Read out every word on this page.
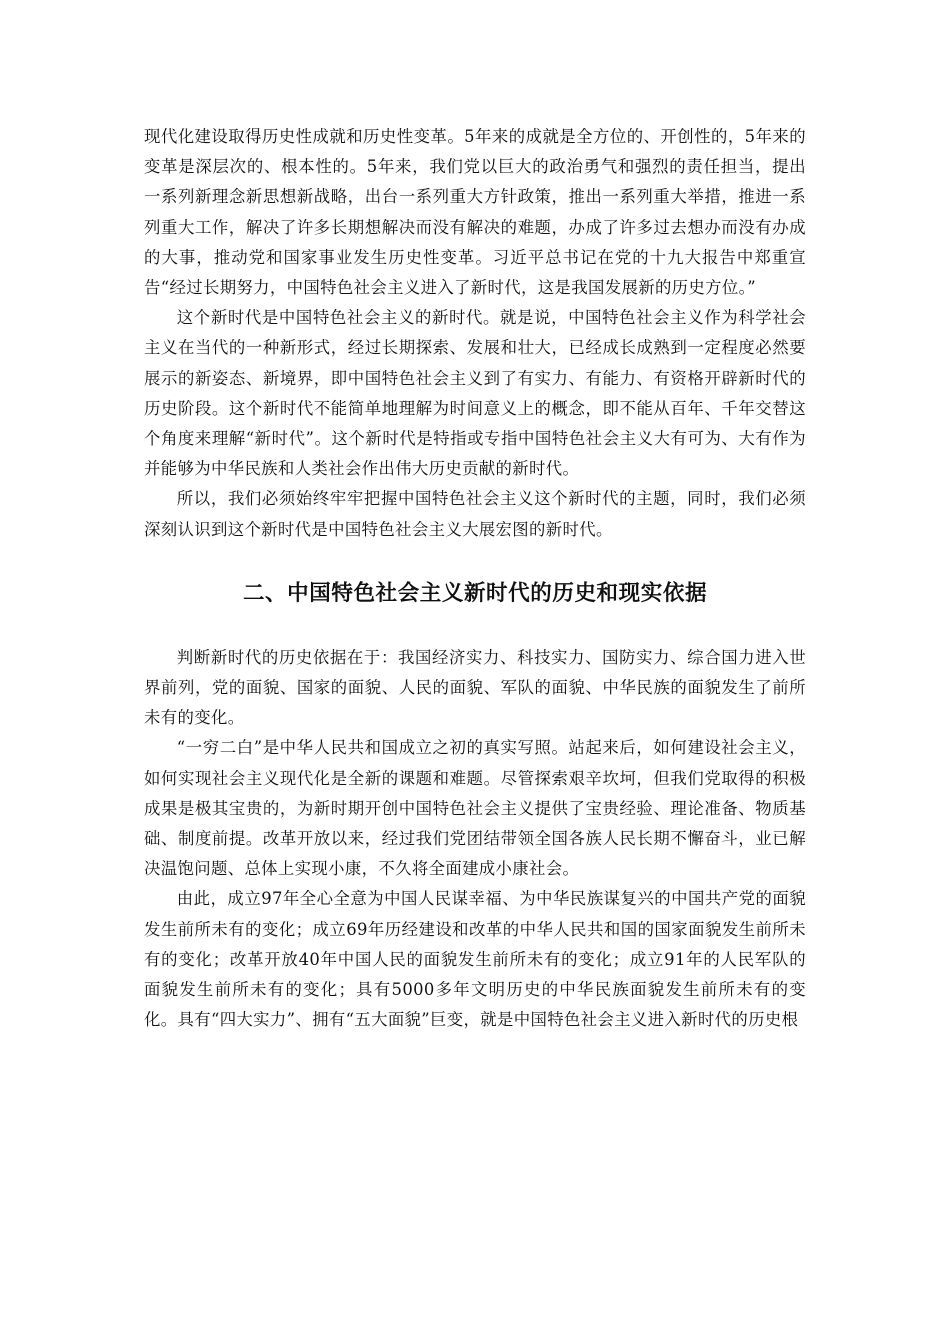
现代化建设取得历史性成就和历史性变革。5年来的成就是全方位的、开创性的，5年来的变革是深层次的、根本性的。5年来，我们党以巨大的政治勇气和强烈的责任担当，提出一系列新理念新思想新战略，出台一系列重大方针政策，推出一系列重大举措，推进一系列重大工作，解决了许多长期想解决而没有解决的难题，办成了许多过去想办而没有办成的大事，推动党和国家事业发生历史性变革。习近平总书记在党的十九大报告中郑重宣告“经过长期努力，中国特色社会主义进入了新时代，这是我国发展新的历史方位。”

这个新时代是中国特色社会主义的新时代。就是说，中国特色社会主义作为科学社会主义在当代的一种新形式，经过长期探索、发展和壮大，已经成长成熟到一定程度必然要展示的新姿态、新境界，即中国特色社会主义到了有实力、有能力、有资格开辟新时代的历史阶段。这个新时代不能简单地理解为时间意义上的概念，即不能从百年、千年交替这个角度来理解“新时代”。这个新时代是特指或专指中国特色社会主义大有可为、大有作为并能够为中华民族和人类社会作出伟大历史贡献的新时代。

所以，我们必须始终牢牢把握中国特色社会主义这个新时代的主题，同时，我们必须深刻认识到这个新时代是中国特色社会主义大展宏图的新时代。

二、中国特色社会主义新时代的历史和现实依据

判断新时代的历史依据在于：我国经济实力、科技实力、国防实力、综合国力进入世界前列，党的面貌、国家的面貌、人民的面貌、军队的面貌、中华民族的面貌发生了前所未有的变化。

“一穷二白”是中华人民共和国成立之初的真实写照。站起来后，如何建设社会主义，如何实现社会主义现代化是全新的课题和难题。尽管探索艰辛坎坷，但我们党取得的积极成果是极其宝贵的，为新时期开创中国特色社会主义提供了宝贵经验、理论准备、物质基础、制度前提。改革开放以来，经过我们党团结带领全国各族人民长期不懈奋斗，业已解决温饱问题、总体上实现小康，不久将全面建成小康社会。

由此，成立97年全心全意为中国人民谋幸福、为中华民族谋复兴的中国共产党的面貌发生前所未有的变化；成立69年历经建设和改革的中华人民共和国的国家面貌发生前所未有的变化；改革开放40年中国人民的面貌发生前所未有的变化；成立91年的人民军队的面貌发生前所未有的变化；具有5000多年文明历史的中华民族面貌发生前所未有的变化。具有“四大实力”、拥有“五大面貌”巨变，就是中国特色社会主义进入新时代的历史根
